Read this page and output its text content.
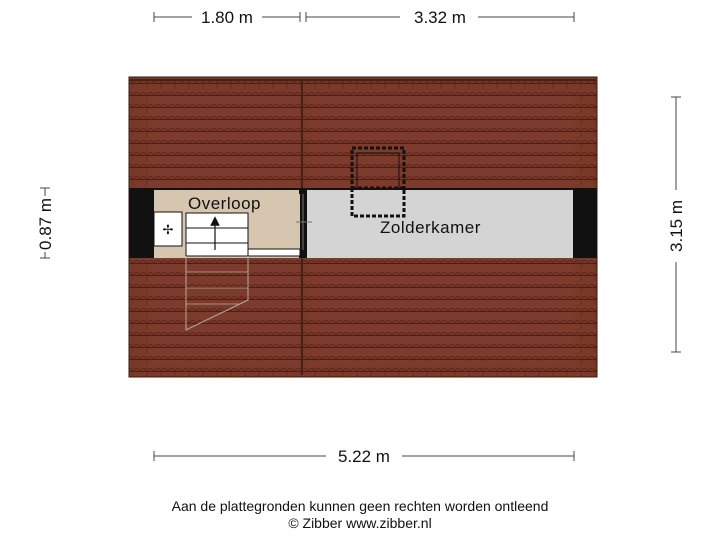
1.80 m	3.32 m
0.87 m	3.15 m
✢
Overloop
Zolderkamer
5.22 m
Aan de plattegronden kunnen geen rechten worden ontleend
© Zibber www.zibber.nl
